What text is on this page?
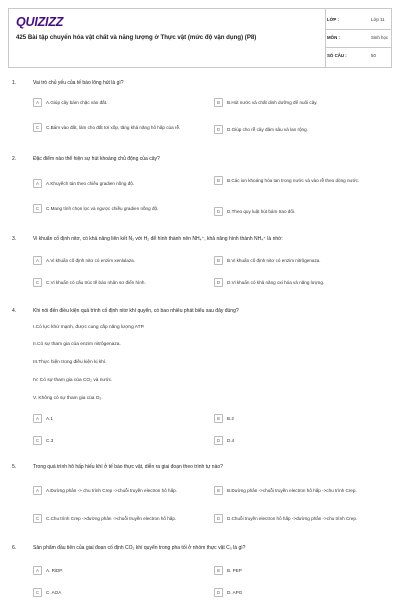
QUIZIZZ
425 Bài tập chuyển hóa vật chất và năng lượng ở Thực vật (mức độ vận dụng) (P8)
LỚP :	Lớp 11
MÔN :	Sinh học
SỐ CÂU :	50
1.	Vai trò chủ yếu của tế bào lông hút là gì?
A	A.Giúp cây bám chặc vào đất.	B	B.Hút nước và chất dinh dưỡng để nuôi cây.
C	C.Bám vào đất, làm cho đất tơi xốp, tăng khả năng hô hấp của rễ.	D	D.Giúp cho rễ cây đâm sâu và lan rộng.
2.	Đặc điểm nào thể hiện sự hút khoáng chủ động của cây?
A	A.Khuyếch tán theo chiều gradien nồng độ.
B	B.Các ion khoáng hòa tan trong nước và vào rễ theo dòng nước.
C	C.Mang tính chọn lọc và ngược chiều gradien nồng độ.
D	D.Theo quy luật hút bám trao đổi.
3.	Vi khuẩn cố định nitơ, có khả năng liên kết N₂ với H₂ để hình thành nên NH₄⁺, khả năng hình thành NH₄⁺ là nhờ:
A	A.Vi khuẩn cố định nitơ có enzim xenlulaza.	B	B.Vi khuẩn cố định nitơ có enzim nitrôgenaza.
C	C.Vi khuẩn có cấu trúc tế bào nhân sơ điển hình.	D	D.Vi khuẩn có khả năng oxi hóa và năng lượng.
4.	Khi nói đến điều kiện quá trình cố định nitơ khí quyển, có bao nhiêu phát biểu sau đây đúng?
I.Có lực khử mạnh, được cung cấp năng lượng ATP.
II.Có sự tham gia của enzim nitrôgenaza.
III.Thực hiện trong điều kiện kị khí.
IV. Có sự tham gia của CO₂ và nước.
V. Không có sự tham gia của O₂.
A	A.1	B	B.2
C	C.3	D	D.4
5.	Trong quá trình hô hấp hiếu khí ở tế bào thực vật, diễn ra giai đoạn theo trình tự nào?
A	A.Đường phân -> chu trình Crep ->chuỗi truyền electron hô hấp.	B	B.Đường phân ->chuỗi truyền electron hô hấp ->chu trình Crep.
C	C.Chu trình Crep ->đường phân ->chuỗi truyền electron hô hấp.	D	D.Chuỗi truyền electron hô hấp ->đường phân ->chu trình Crep.
6.	Sản phẩm đầu tiên của giai đoạn cố định CO₂ khí quyển trong pha tối ở nhóm thực vật C₃ là gì?
A	A. RiDP.	B	B. PEP
C	C. AOA	D	D. APG
